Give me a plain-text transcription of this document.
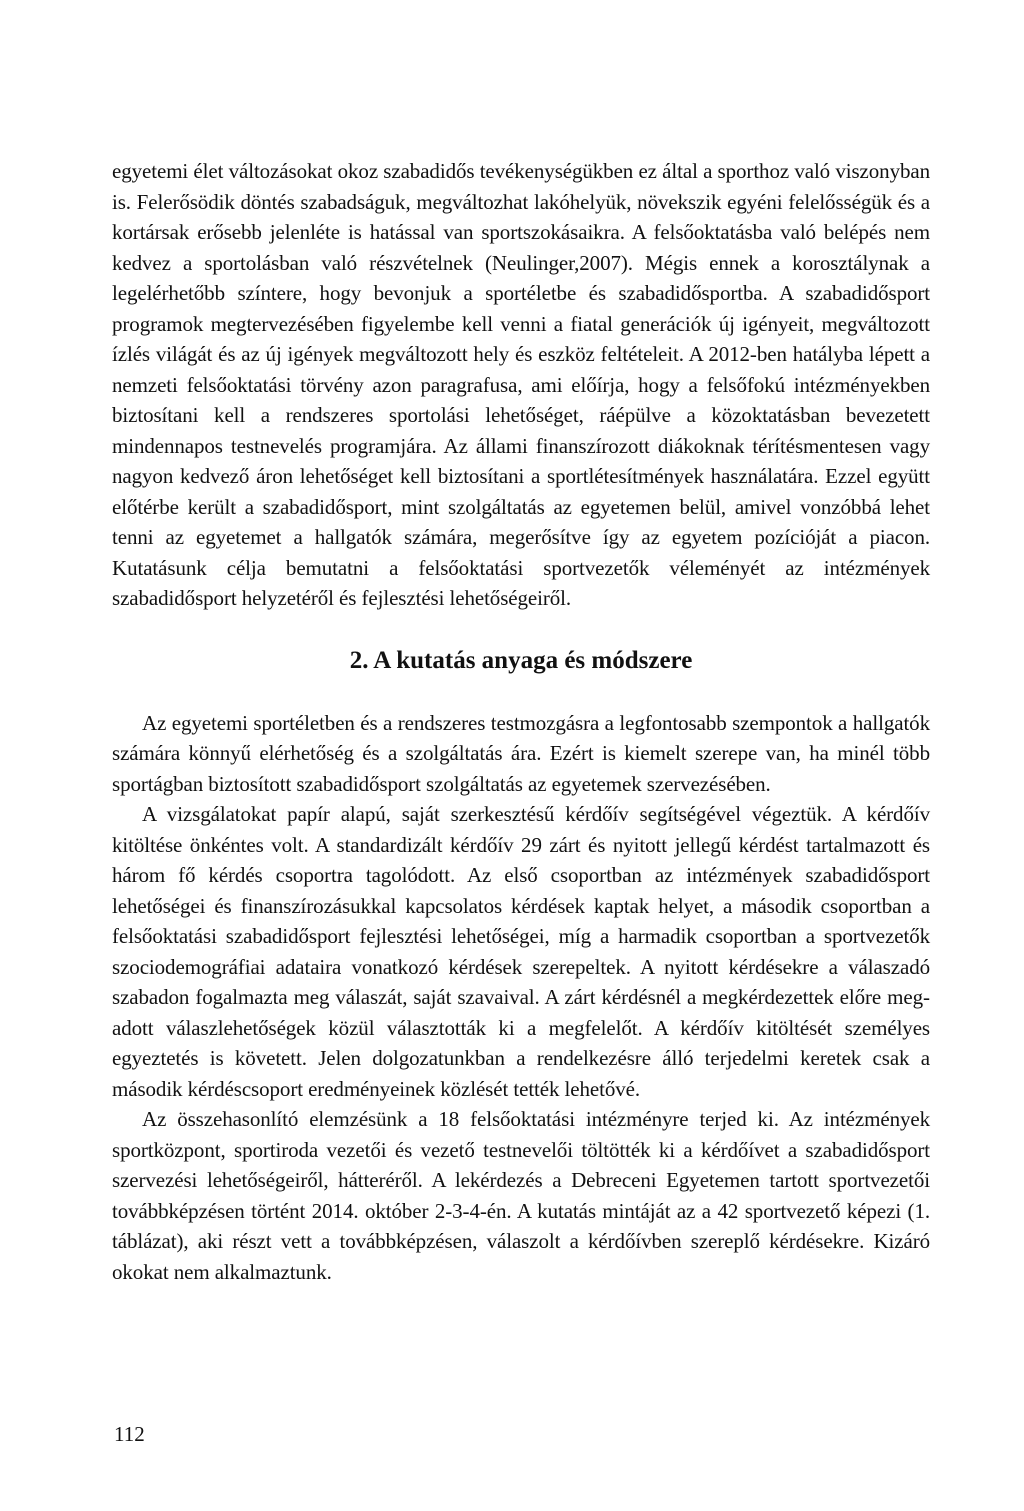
egyetemi élet változásokat okoz szabadidős tevékenységükben ez által a sporthoz való viszonyban is. Felerősödik döntés szabadságuk, megváltozhat lakóhelyük, növekszik egyéni felelősségük és a kortársak erősebb jelenléte is hatással van sportszokásaikra. A felsőoktatásba való belépés nem kedvez a sportolásban való részvételnek (Neulinger,2007). Mégis ennek a korosztálynak a legelérhetőbb színtere, hogy bevonjuk a sportéletbe és szabadidősportba. A szabadidősport programok megtervezésében figyelembe kell venni a fiatal generációk új igényeit, megváltozott ízlés világát és az új igények megváltozott hely és eszköz feltételeit. A 2012-ben hatályba lépett a nemzeti felsőoktatási törvény azon paragrafusa, ami előírja, hogy a felsőfokú intézményekben biztosítani kell a rendszeres sportolási lehetőséget, ráépülve a közoktatásban bevezetett mindennapos testnevelés programjára. Az állami finanszírozott diákoknak térítésmentesen vagy nagyon kedvező áron lehetőséget kell biztosítani a sportlétesítmények használatára. Ezzel együtt előtérbe került a szabadidősport, mint szolgáltatás az egyetemen belül, amivel vonzóbbá lehet tenni az egyetemet a hallgatók számára, megerősítve így az egyetem pozícióját a piacon. Kutatásunk célja bemutatni a felsőoktatási sportvezetők véleményét az intézmények szabadidősport helyzetéről és fejlesztési lehetőségeiről.

2. A kutatás anyaga és módszere

Az egyetemi sportéletben és a rendszeres testmozgásra a legfontosabb szempontok a hallgatók számára könnyű elérhetőség és a szolgáltatás ára. Ezért is kiemelt szerepe van, ha minél több sportágban biztosított szabadidősport szolgáltatás az egyetemek szervezésében.

A vizsgálatokat papír alapú, saját szerkesztésű kérdőív segítségével végeztük. A kérdőív kitöltése önkéntes volt. A standardizált kérdőív 29 zárt és nyitott jellegű kérdést tartalmazott és három fő kérdés csoportra tagolódott. Az első csoportban az intézmények szabadidősport lehetőségei és finanszírozásukkal kapcsolatos kérdések kaptak helyet, a második csoportban a felsőoktatási szabadidősport fejlesztési lehetőségei, míg a harmadik csoportban a sportvezetők szociodemográfiai adataira vonatkozó kérdések szerepeltek. A nyitott kérdésekre a válaszadó szabadon fogalmazta meg válaszát, saját szavaival. A zárt kérdésnél a megkérdezettek előre megadott válaszlehetőségek közül választották ki a megfelelőt. A kérdőív kitöltését személyes egyeztetés is követett. Jelen dolgozatunkban a rendelkezésre álló terjedelmi keretek csak a második kérdéscsoport eredményeinek közlését tették lehetővé.

Az összehasonlító elemzésünk a 18 felsőoktatási intézményre terjed ki. Az intézmények sportközpont, sportiroda vezetői és vezető testnevelői töltötték ki a kérdőívet a szabadidősport szervezési lehetőségeiről, hátteréről. A lekérdezés a Debreceni Egyetemen tartott sportvezetői továbbképzésen történt 2014. október 2-3-4-én. A kutatás mintáját az a 42 sportvezető képezi (1. táblázat), aki részt vett a továbbképzésen, válaszolt a kérdőívben szereplő kérdésekre. Kizáró okokat nem alkalmaztunk.

112
